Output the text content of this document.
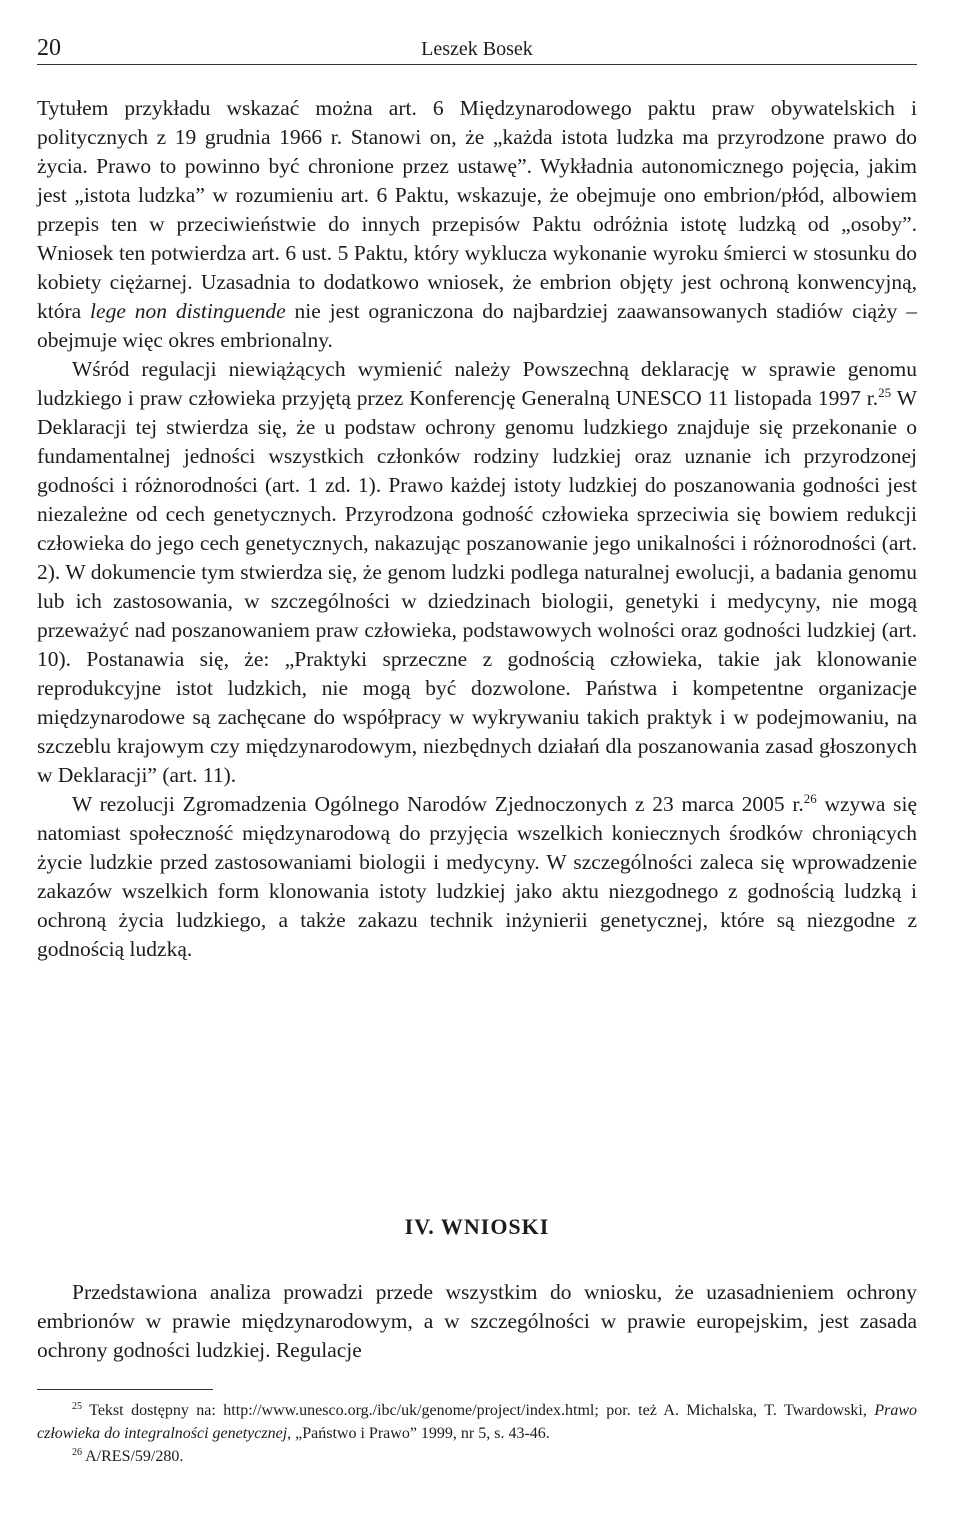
20	Leszek Bosek

Tytułem przykładu wskazać można art. 6 Międzynarodowego paktu praw obywatelskich i politycznych z 19 grudnia 1966 r. Stanowi on, że „każda istota ludzka ma przyrodzone prawo do życia. Prawo to powinno być chronione przez ustawę”. Wykładnia autonomicznego pojęcia, jakim jest „istota ludzka” w rozumieniu art. 6 Paktu, wskazuje, że obejmuje ono embrion/płód, albowiem przepis ten w przeciwieństwie do innych przepisów Paktu odróżnia istotę ludzką od „osoby”. Wniosek ten potwierdza art. 6 ust. 5 Paktu, który wyklucza wykonanie wyroku śmierci w stosunku do kobiety ciężarnej. Uzasadnia to dodatkowo wniosek, że embrion objęty jest ochroną konwencyjną, która lege non distinguende nie jest ograniczona do najbardziej zaawansowanych stadiów ciąży – obejmuje więc okres embrionalny.

Wśród regulacji niewiążących wymienić należy Powszechną deklarację w sprawie genomu ludzkiego i praw człowieka przyjętą przez Konferencję Generalną UNESCO 11 listopada 1997 r.$^{25}$ W Deklaracji tej stwierdza się, że u podstaw ochrony genomu ludzkiego znajduje się przekonanie o fundamentalnej jedności wszystkich członków rodziny ludzkiej oraz uznanie ich przyrodzonej godności i różnorodności (art. 1 zd. 1). Prawo każdej istoty ludzkiej do poszanowania godności jest niezależne od cech genetycznych. Przyrodzona godność człowieka sprzeciwia się bowiem redukcji człowieka do jego cech genetycznych, nakazując poszanowanie jego unikalności i różnorodności (art. 2). W dokumencie tym stwierdza się, że genom ludzki podlega naturalnej ewolucji, a badania genomu lub ich zastosowania, w szczególności w dziedzinach biologii, genetyki i medycyny, nie mogą przeważyć nad poszanowaniem praw człowieka, podstawowych wolności oraz godności ludzkiej (art. 10). Postanawia się, że: „Praktyki sprzeczne z godnością człowieka, takie jak klonowanie reprodukcyjne istot ludzkich, nie mogą być dozwolone. Państwa i kompetentne organizacje międzynarodowe są zachęcane do współpracy w wykrywaniu takich praktyk i w podejmowaniu, na szczeblu krajowym czy międzynarodowym, niezbędnych działań dla poszanowania zasad głoszonych w Deklaracji” (art. 11).

W rezolucji Zgromadzenia Ogólnego Narodów Zjednoczonych z 23 marca 2005 r.$^{26}$ wzywa się natomiast społeczność międzynarodową do przyjęcia wszelkich koniecznych środków chroniących życie ludzkie przed zastosowaniami biologii i medycyny. W szczególności zaleca się wprowadzenie zakazów wszelkich form klonowania istoty ludzkiej jako aktu niezgodnego z godnością ludzką i ochroną życia ludzkiego, a także zakazu technik inżynierii genetycznej, które są niezgodne z godnością ludzką.

IV. WNIOSKI

Przedstawiona analiza prowadzi przede wszystkim do wniosku, że uzasadnieniem ochrony embrionów w prawie międzynarodowym, a w szczególności w prawie europejskim, jest zasada ochrony godności ludzkiej. Regulacje

$^{25}$ Tekst dostępny na: http://www.unesco.org./ibc/uk/genome/project/index.html; por. też A. Michalska, T. Twardowski, Prawo człowieka do integralności genetycznej, „Państwo i Prawo” 1999, nr 5, s. 43-46.

$^{26}$ A/RES/59/280.
